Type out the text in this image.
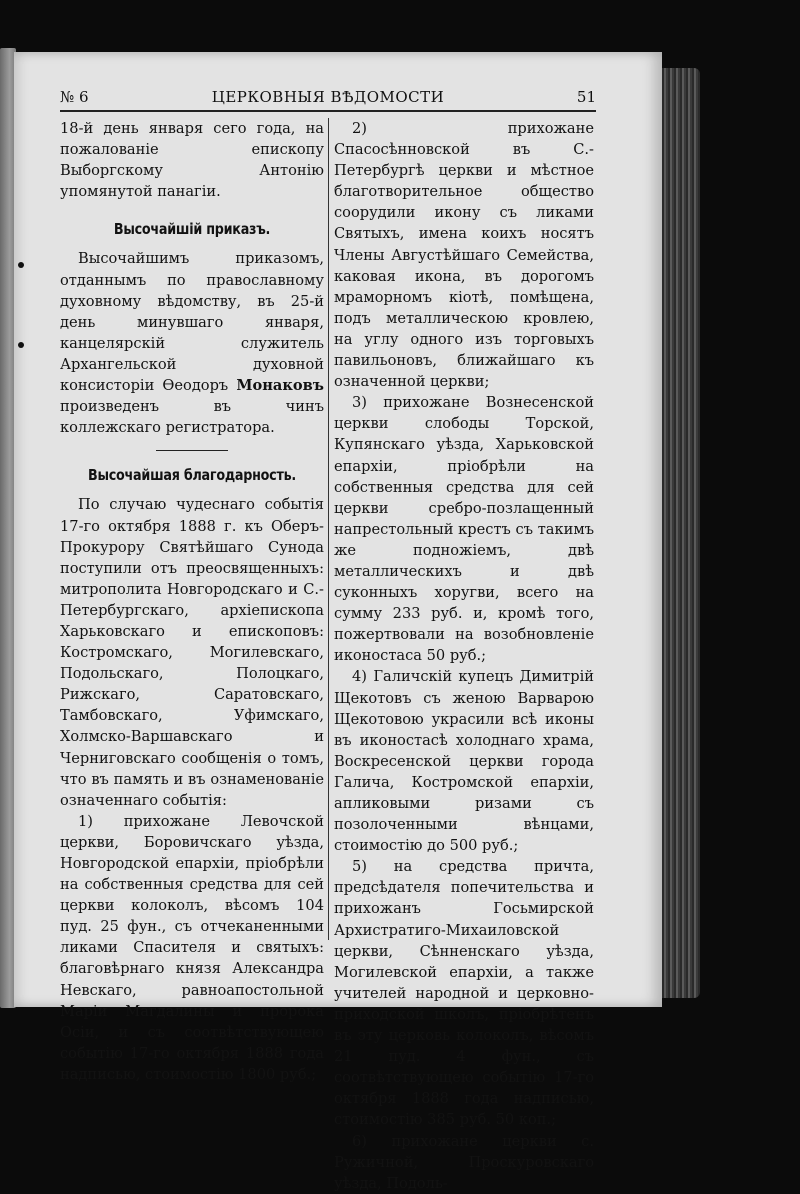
№ 6	ЦЕРКОВНЫЯ ВѢДОМОСТИ	51

18-й день января сего года, на пожалованіе епископу Выборгскому Антонію упомянутой панагіи.

Высочайшій приказъ.

Высочайшимъ приказомъ, отданнымъ по православному духовному вѣдомству, въ 25-й день минувшаго января, канцелярскій служитель Архангельской духовной консисторіи Ѳеодоръ Монаковъ произведенъ въ чинъ коллежскаго регистратора.

Высочайшая благодарность.

По случаю чудеснаго событія 17-го октября 1888 г. къ Оберъ-Прокурору Святѣйшаго Сунода поступили отъ преосвященныхъ: митрополита Новгородскаго и С.-Петербургскаго, архіепископа Харьковскаго и епископовъ: Костромскаго, Могилевскаго, Подольскаго, Полоцкаго, Рижскаго, Саратовскаго, Тамбовскаго, Уфимскаго, Холмско-Варшавскаго и Черниговскаго сообщенія о томъ, что въ память и въ ознаменованіе означеннаго событія:

1) прихожане Левочской церкви, Боровичскаго уѣзда, Новгородской епархіи, пріобрѣли на собственныя средства для сей церкви колоколъ, вѣсомъ 104 пуд. 25 фун., съ отчеканенными ликами Спасителя и святыхъ: благовѣрнаго князя Александра Невскаго, равноапостольной Маріи Магдалины и пророка Осіи, и съ соотвѣтствующею событію 17-го октября 1888 года надписью, стоимостію 1800 руб.;

2) прихожане Спасосѣнновской въ С.-Петербургѣ церкви и мѣстное благотворительное общество соорудили икону съ ликами Святыхъ, имена коихъ носятъ Члены Августѣйшаго Семейства, каковая икона, въ дорогомъ мраморномъ кіотѣ, помѣщена, подъ металлическою кровлею, на углу одного изъ торговыхъ павильоновъ, ближайшаго къ означенной церкви;

3) прихожане Вознесенской церкви слободы Торской, Купянскаго уѣзда, Харьковской епархіи, пріобрѣли на собственныя средства для сей церкви сребро-позлащенный напрестольный крестъ съ такимъ же подножіемъ, двѣ металлическихъ и двѣ суконныхъ хоругви, всего на сумму 233 руб. и, кромѣ того, пожертвовали на возобновленіе иконостаса 50 руб.;

4) Галичскій купецъ Димитрій Щекотовъ съ женою Варварою Щекотовою украсили всѣ иконы въ иконостасѣ холоднаго храма, Воскресенской церкви города Галича, Костромской епархіи, апликовыми ризами съ позолоченными вѣнцами, стоимостію до 500 руб.;

5) на средства причта, предсѣдателя попечительства и прихожанъ Госьмирской Архистратиго-Михаиловской церкви, Сѣнненскаго уѣзда, Могилевской епархіи, а также учителей народной и церковно-приходской школъ, пріобрѣтенъ въ эту церковь колоколъ, вѣсомъ 21 пуд. 4 фун., съ соотвѣтствующею событію 17-го октября 1888 года надписью, стоимостію 385 руб. 50 коп.;

6) прихожане церкви с. Ружичной, Проскуровскаго уѣзда, Подоль-
